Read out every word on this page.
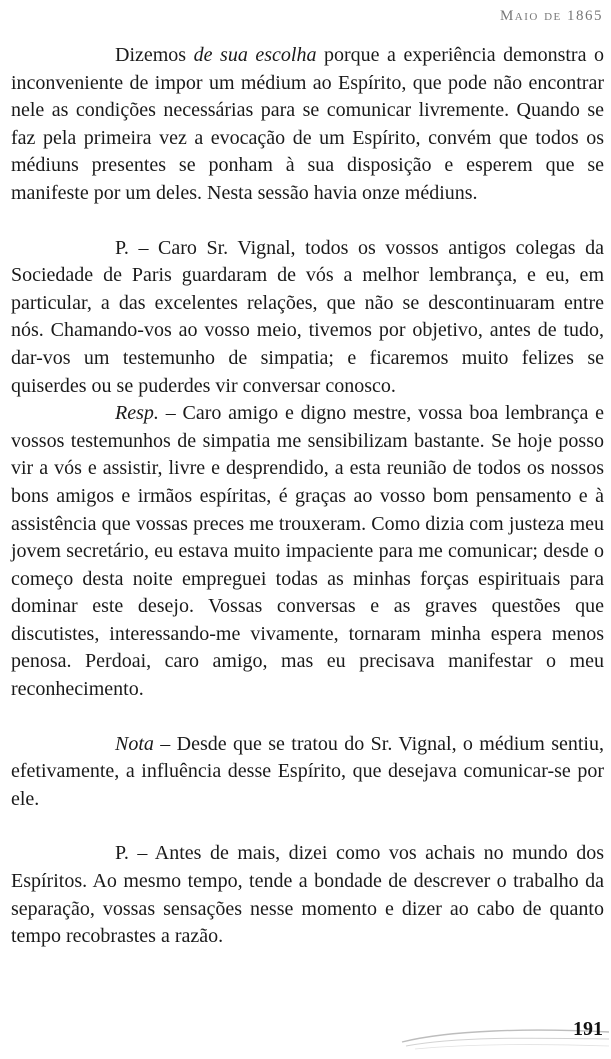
Maio de 1865

Dizemos de sua escolha porque a experiência demonstra o inconveniente de impor um médium ao Espírito, que pode não encontrar nele as condições necessárias para se comunicar livremente. Quando se faz pela primeira vez a evocação de um Espírito, convém que todos os médiuns presentes se ponham à sua disposição e esperem que se manifeste por um deles. Nesta sessão havia onze médiuns.

P. – Caro Sr. Vignal, todos os vossos antigos colegas da Sociedade de Paris guardaram de vós a melhor lembrança, e eu, em particular, a das excelentes relações, que não se descontinuaram entre nós. Chamando-vos ao vosso meio, tivemos por objetivo, antes de tudo, dar-vos um testemunho de simpatia; e ficaremos muito felizes se quiserdes ou se puderdes vir conversar conosco.

Resp. – Caro amigo e digno mestre, vossa boa lembrança e vossos testemunhos de simpatia me sensibilizam bastante. Se hoje posso vir a vós e assistir, livre e desprendido, a esta reunião de todos os nossos bons amigos e irmãos espíritas, é graças ao vosso bom pensamento e à assistência que vossas preces me trouxeram. Como dizia com justeza meu jovem secretário, eu estava muito impaciente para me comunicar; desde o começo desta noite empreguei todas as minhas forças espirituais para dominar este desejo. Vossas conversas e as graves questões que discutistes, interessando-me vivamente, tornaram minha espera menos penosa. Perdoai, caro amigo, mas eu precisava manifestar o meu reconhecimento.

Nota – Desde que se tratou do Sr. Vignal, o médium sentiu, efetivamente, a influência desse Espírito, que desejava comunicar-se por ele.

P. – Antes de mais, dizei como vos achais no mundo dos Espíritos. Ao mesmo tempo, tende a bondade de descrever o trabalho da separação, vossas sensações nesse momento e dizer ao cabo de quanto tempo recobrastes a razão.

191
